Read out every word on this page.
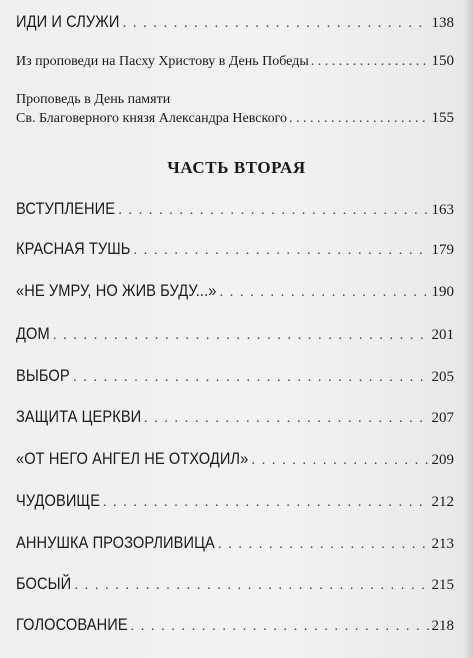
ИДИ И СЛУЖИ . . .	138
Из проповеди на Пасху Христову в День Победы . . .	150
Проповедь в День памяти
Св. Благоверного князя Александра Невского . . .	155
ЧАСТЬ ВТОРАЯ
ВСТУПЛЕНИЕ . . .	163
КРАСНАЯ ТУШЬ . . .	179
«НЕ УМРУ, НО ЖИВ БУДУ...» . . .	190
ДОМ . . .	201
ВЫБОР . . .	205
ЗАЩИТА ЦЕРКВИ . . .	207
«ОТ НЕГО АНГЕЛ НЕ ОТХОДИЛ» . . .	209
ЧУДОВИЩЕ . . .	212
АННУШКА ПРОЗОРЛИВИЦА . . .	213
БОСЫЙ . . .	215
ГОЛОСОВАНИЕ . . .	218
